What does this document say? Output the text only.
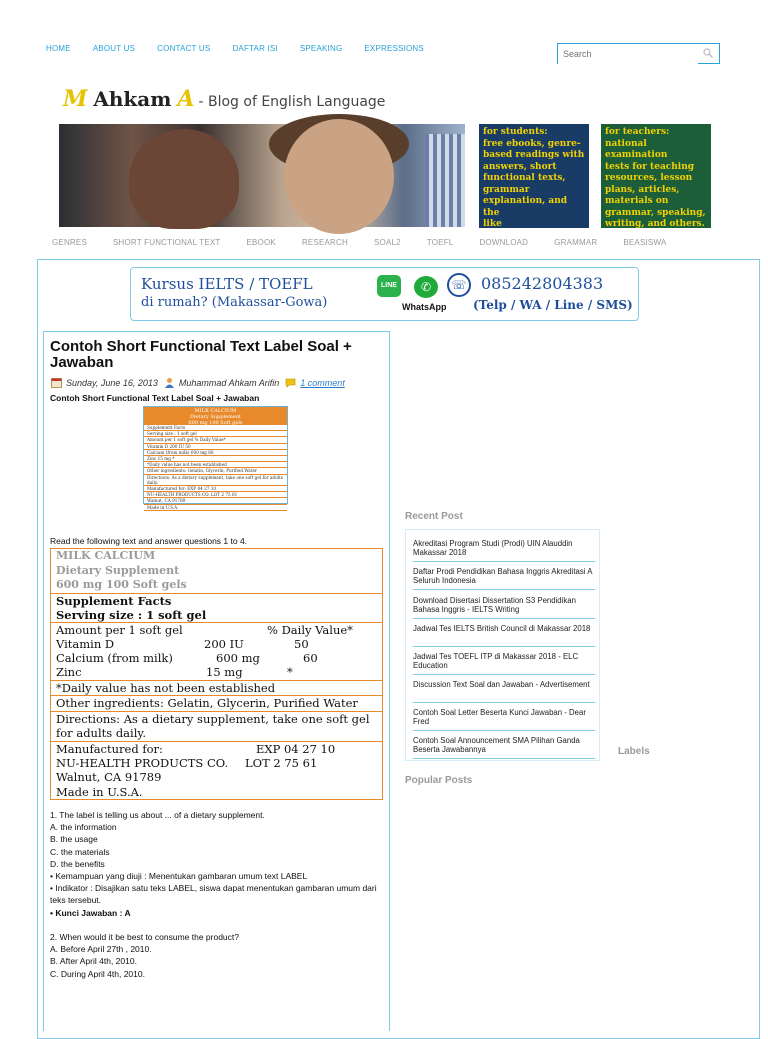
HOME	ABOUT US	CONTACT US	DAFTAR ISI	SPEAKING	EXPRESSIONS
Search
M Ahkam A - Blog of English Language
for students:
free ebooks, genre-
based readings with
answers, short
functional texts,
grammar
explanation, and the
like
for teachers:
national examination
tests for teaching
resources, lesson
plans, articles,
materials on
grammar, speaking,
writing, and others.
GENRES	SHORT FUNCTIONAL TEXT	EBOOK	RESEARCH	SOAL2	TOEFL	DOWNLOAD	GRAMMAR	BEASISWA
Kursus IELTS / TOEFL
di rumah? (Makassar-Gowa)
LINE	✆
WhatsApp
☏ 085242804383
(Telp / WA / Line / SMS)
Contoh Short Functional Text Label Soal + Jawaban
Sunday, June 16, 2013 Muhammad Ahkam Arifin 1 comment
Contoh Short Functional Text Label Soal + Jawaban
MILK CALCIUM
Dietary Supplement
600 mg 100 Soft gels
Supplement Facts
Serving size : 1 soft gel
Amount per 1 soft gel % Daily Value*
Vitamin D 200 IU 50
Calcium (from milk) 600 mg 60
Zinc 15 mg *
*Daily value has not been established
Other ingredients: Gelatin, Glycerin, Purified Water
Directions: As a dietary supplement, take one soft gel for adults daily.
Manufactured for: EXP 04 27 10
NU-HEALTH PRODUCTS CO. LOT 2 75 61
Walnut, CA 91789
Made in U.S.A.
Read the following text and answer questions 1 to 4.
MILK CALCIUM
Dietary Supplement
600 mg 100 Soft gels
Supplement Facts
Serving size : 1 soft gel
Amount per 1 soft gel	% Daily Value*
Vitamin D	200 IU	50
Calcium (from milk)	600 mg	60
Zinc	15 mg	*
*Daily value has not been established
Other ingredients: Gelatin, Glycerin, Purified Water
Directions: As a dietary supplement, take one soft gel for adults daily.
Manufactured for:	EXP 04 27 10
NU-HEALTH PRODUCTS CO. LOT 2 75 61
Walnut, CA 91789
Made in U.S.A.

1. The label is telling us about ... of a dietary supplement.

A. the information

B. the usage

C. the materials

D. the benefits

• Kemampuan yang diuji : Menentukan gambaran umum text LABEL

• Indikator : Disajikan satu teks LABEL, siswa dapat menentukan gambaran umum dari teks tersebut.

• Kunci Jawaban : A

2. When would it be best to consume the product?

A. Before April 27th , 2010.

B. After April 4th, 2010.

C. During April 4th, 2010.

Recent Post
Akreditasi Program Studi (Prodi) UIN Alauddin Makassar 2018
Daftar Prodi Pendidikan Bahasa Inggris Akreditasi A Seluruh Indonesia
Download Disertasi Dissertation S3 Pendidikan Bahasa Inggris - IELTS Writing
Jadwal Tes IELTS British Council di Makassar 2018
Jadwal Tes TOEFL ITP di Makassar 2018 - ELC Education
Discussion Text Soal dan Jawaban - Advertisement
Contoh Soal Letter Beserta Kunci Jawaban - Dear Fred
Contoh Soal Announcement SMA Pilihan Ganda Beserta Jawabannya	Labels
Popular Posts
